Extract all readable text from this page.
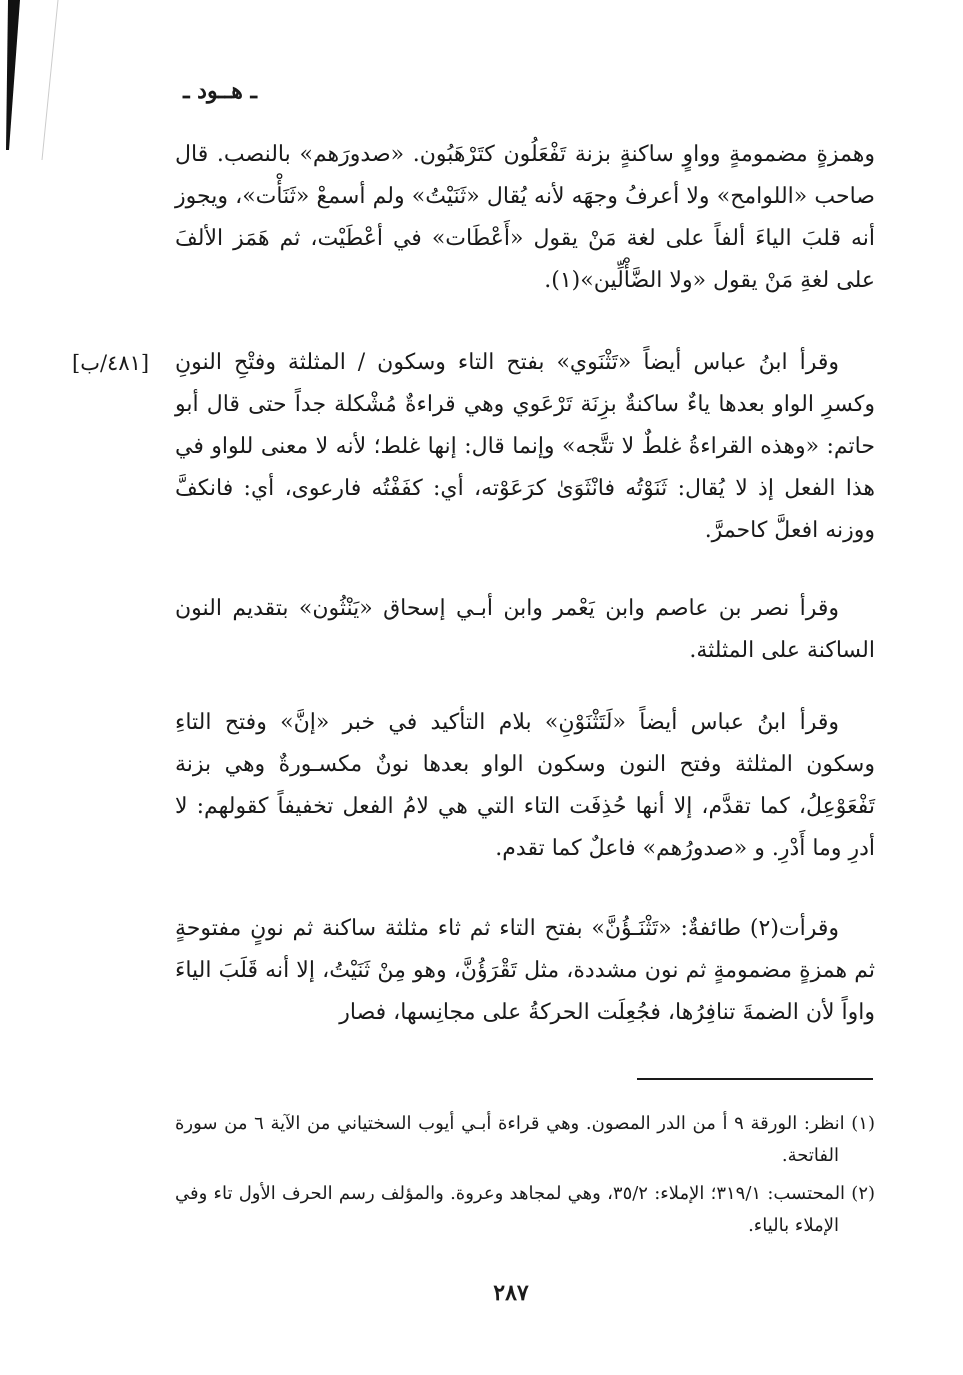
ـ هــود ـ
[٤٨١/ب]

وهمزةٍ مضمومةٍ وواوٍ ساكنةٍ بزنة تَفْعَلُون كتَرْهَبُون. «صدورَهم» بالنصب. قال صاحب «اللوامح» ولا أعرفُ وجهَه لأنه يُقال «ثَنَيْتُ» ولم أسمعْ «ثَنَأْت»، ويجوز أنه قلبَ الياءَ ألفاً على لغة مَنْ يقول «أَعْطَات» في أعْطَيْت، ثم هَمَز الألفَ على لغةِ مَنْ يقول «ولا الضَّأْلِّين»(١).

وقرأ ابنُ عباس أيضاً «تَثْنَوي» بفتح التاء وسكون / المثلثة وفتْحِ النونِ وكسرِ الواو بعدها ياءٌ ساكنةٌ بزِنَة تَرْعَوي وهي قراءةٌ مُشْكلة جداً حتى قال أبو حاتم: «وهذه القراءةُ غلطٌ لا تتَّجه» وإنما قال: إنها غلط؛ لأنه لا معنى للواو في هذا الفعل إذ لا يُقال: ثَنَوْتُه فانْثَوَىٰ كرَعَوْته، أي: كفَفْتُه فارعوى، أي: فانكفَّ ووزنه افعلَّ كاحمرَّ.

وقرأ نصر بن عاصم وابن يَعْمر وابن أبـي إسحاق «يَنْثُون» بتقديم النون الساكنة على المثلثة.

وقرأ ابنُ عباس أيضاً «لَتَثْنَوْنِ» بلام التأكيد في خبر «إنَّ» وفتح التاءِ وسكون المثلثة وفتح النون وسكون الواو بعدها نونٌ مكسـورةٌ وهي بزنة تَفْعَوْعِلُ، كما تقدَّم، إلا أنها حُذِفَت التاء التي هي لامُ الفعل تخفيفاً كقولهم: لا أدرِ وما أَدْرِ. و «صدورُهم» فاعلٌ كما تقدم.

وقرأت(٢) طائفةٌ: «تَثْنَـؤُنَّ» بفتح التاء ثم ثاء مثلثة ساكنة ثم نونٍ مفتوحةٍ ثم همزةٍ مضمومةٍ ثم نون مشددة، مثل تَقْرَؤُنَّ، وهو مِنْ ثَنَيْتُ، إلا أنه قَلَبَ الياءَ واواً لأن الضمةَ تنافِرُها، فجُعِلَت الحركةُ على مجانِسها، فصار

(١) انظر: الورقة ٩ أ من الدر المصون. وهي قراءة أبـي أيوب السختياني من الآية ٦ من سورة الفاتحة.

(٢) المحتسب: ٣١٩/١؛ الإملاء: ٣٥/٢، وهي لمجاهد وعروة. والمؤلف رسم الحرف الأول تاء وفي الإملاء بالياء.

٢٨٧
